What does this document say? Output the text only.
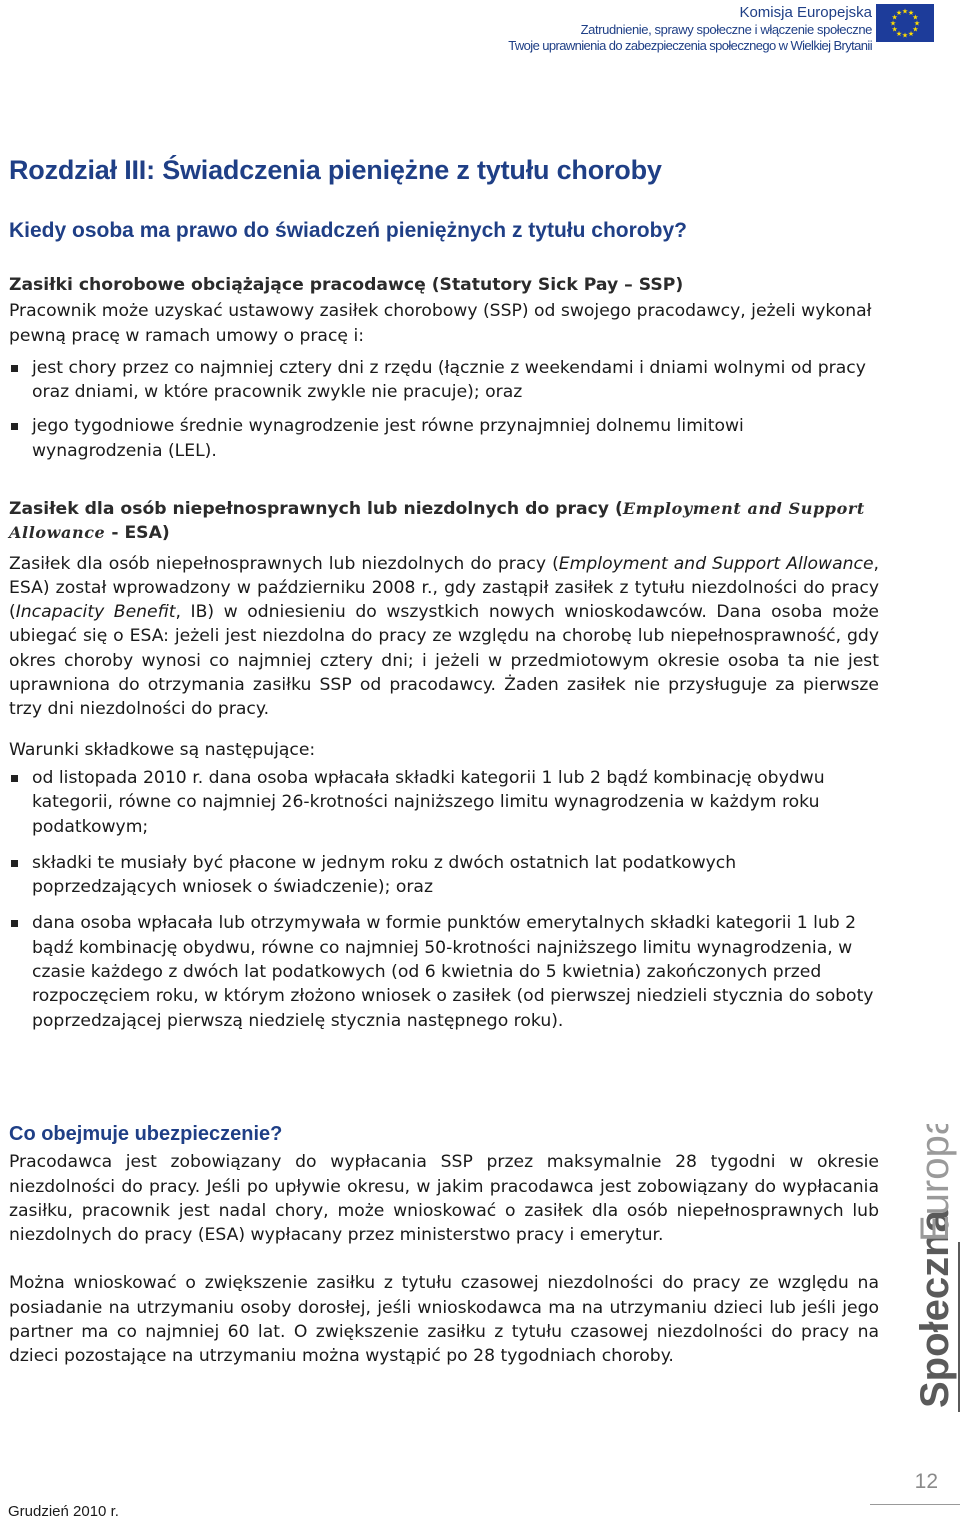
Komisja Europejska
Zatrudnienie, sprawy społeczne i włączenie społeczne
Twoje uprawnienia do zabezpieczenia społecznego w Wielkiej Brytanii
★ ★
★
★
★
★
★
★
★
★
★
★
Rozdział III: Świadczenia pieniężne z tytułu choroby
Kiedy osoba ma prawo do świadczeń pieniężnych z tytułu choroby?

Zasiłki chorobowe obciążające pracodawcę (Statutory Sick Pay – SSP)

Pracownik może uzyskać ustawowy zasiłek chorobowy (SSP) od swojego pracodawcy, jeżeli wykonał pewną pracę w ramach umowy o pracę i:

jest chory przez co najmniej cztery dni z rzędu (łącznie z weekendami i dniami wolnymi od pracy oraz dniami, w które pracownik zwykle nie pracuje); oraz
jego tygodniowe średnie wynagrodzenie jest równe przynajmniej dolnemu limitowi wynagrodzenia (LEL).

Zasiłek dla osób niepełnosprawnych lub niezdolnych do pracy (Employment and Support Allowance - ESA)

Zasiłek dla osób niepełnosprawnych lub niezdolnych do pracy (Employment and Support Allowance, ESA) został wprowadzony w październiku 2008 r., gdy zastąpił zasiłek z tytułu niezdolności do pracy (Incapacity Benefit, IB) w odniesieniu do wszystkich nowych wnioskodawców. Dana osoba może ubiegać się o ESA: jeżeli jest niezdolna do pracy ze względu na chorobę lub niepełnosprawność, gdy okres choroby wynosi co najmniej cztery dni; i jeżeli w przedmiotowym okresie osoba ta nie jest uprawniona do otrzymania zasiłku SSP od pracodawcy. Żaden zasiłek nie przysługuje za pierwsze trzy dni niezdolności do pracy.

Warunki składkowe są następujące:

od listopada 2010 r. dana osoba wpłacała składki kategorii 1 lub 2 bądź kombinację obydwu kategorii, równe co najmniej 26-krotności najniższego limitu wynagrodzenia w każdym roku podatkowym;
składki te musiały być płacone w jednym roku z dwóch ostatnich lat podatkowych poprzedzających wniosek o świadczenie); oraz
dana osoba wpłacała lub otrzymywała w formie punktów emerytalnych składki kategorii 1 lub 2 bądź kombinację obydwu, równe co najmniej 50-krotności najniższego limitu wynagrodzenia, w czasie każdego z dwóch lat podatkowych (od 6 kwietnia do 5 kwietnia) zakończonych przed rozpoczęciem roku, w którym złożono wniosek o zasiłek (od pierwszej niedzieli stycznia do soboty poprzedzającej pierwszą niedzielę stycznia następnego roku).

Co obejmuje ubezpieczenie?

Pracodawca jest zobowiązany do wypłacania SSP przez maksymalnie 28 tygodni w okresie niezdolności do pracy. Jeśli po upływie okresu, w jakim pracodawca jest zobowiązany do wypłacania zasiłku, pracownik jest nadal chory, może wnioskować o zasiłek dla osób niepełnosprawnych lub niezdolnych do pracy (ESA) wypłacany przez ministerstwo pracy i emerytur.

Można wnioskować o zwiększenie zasiłku z tytułu czasowej niezdolności do pracy ze względu na posiadanie na utrzymaniu osoby dorosłej, jeśli wnioskodawca ma na utrzymaniu dzieci lub jeśli jego partner ma co najmniej 60 lat. O zwiększenie zasiłku z tytułu czasowej niezdolności do pracy na dzieci pozostające na utrzymaniu można wystąpić po 28 tygodniach choroby.	Społeczna
Europa
12
Grudzień 2010 r.
